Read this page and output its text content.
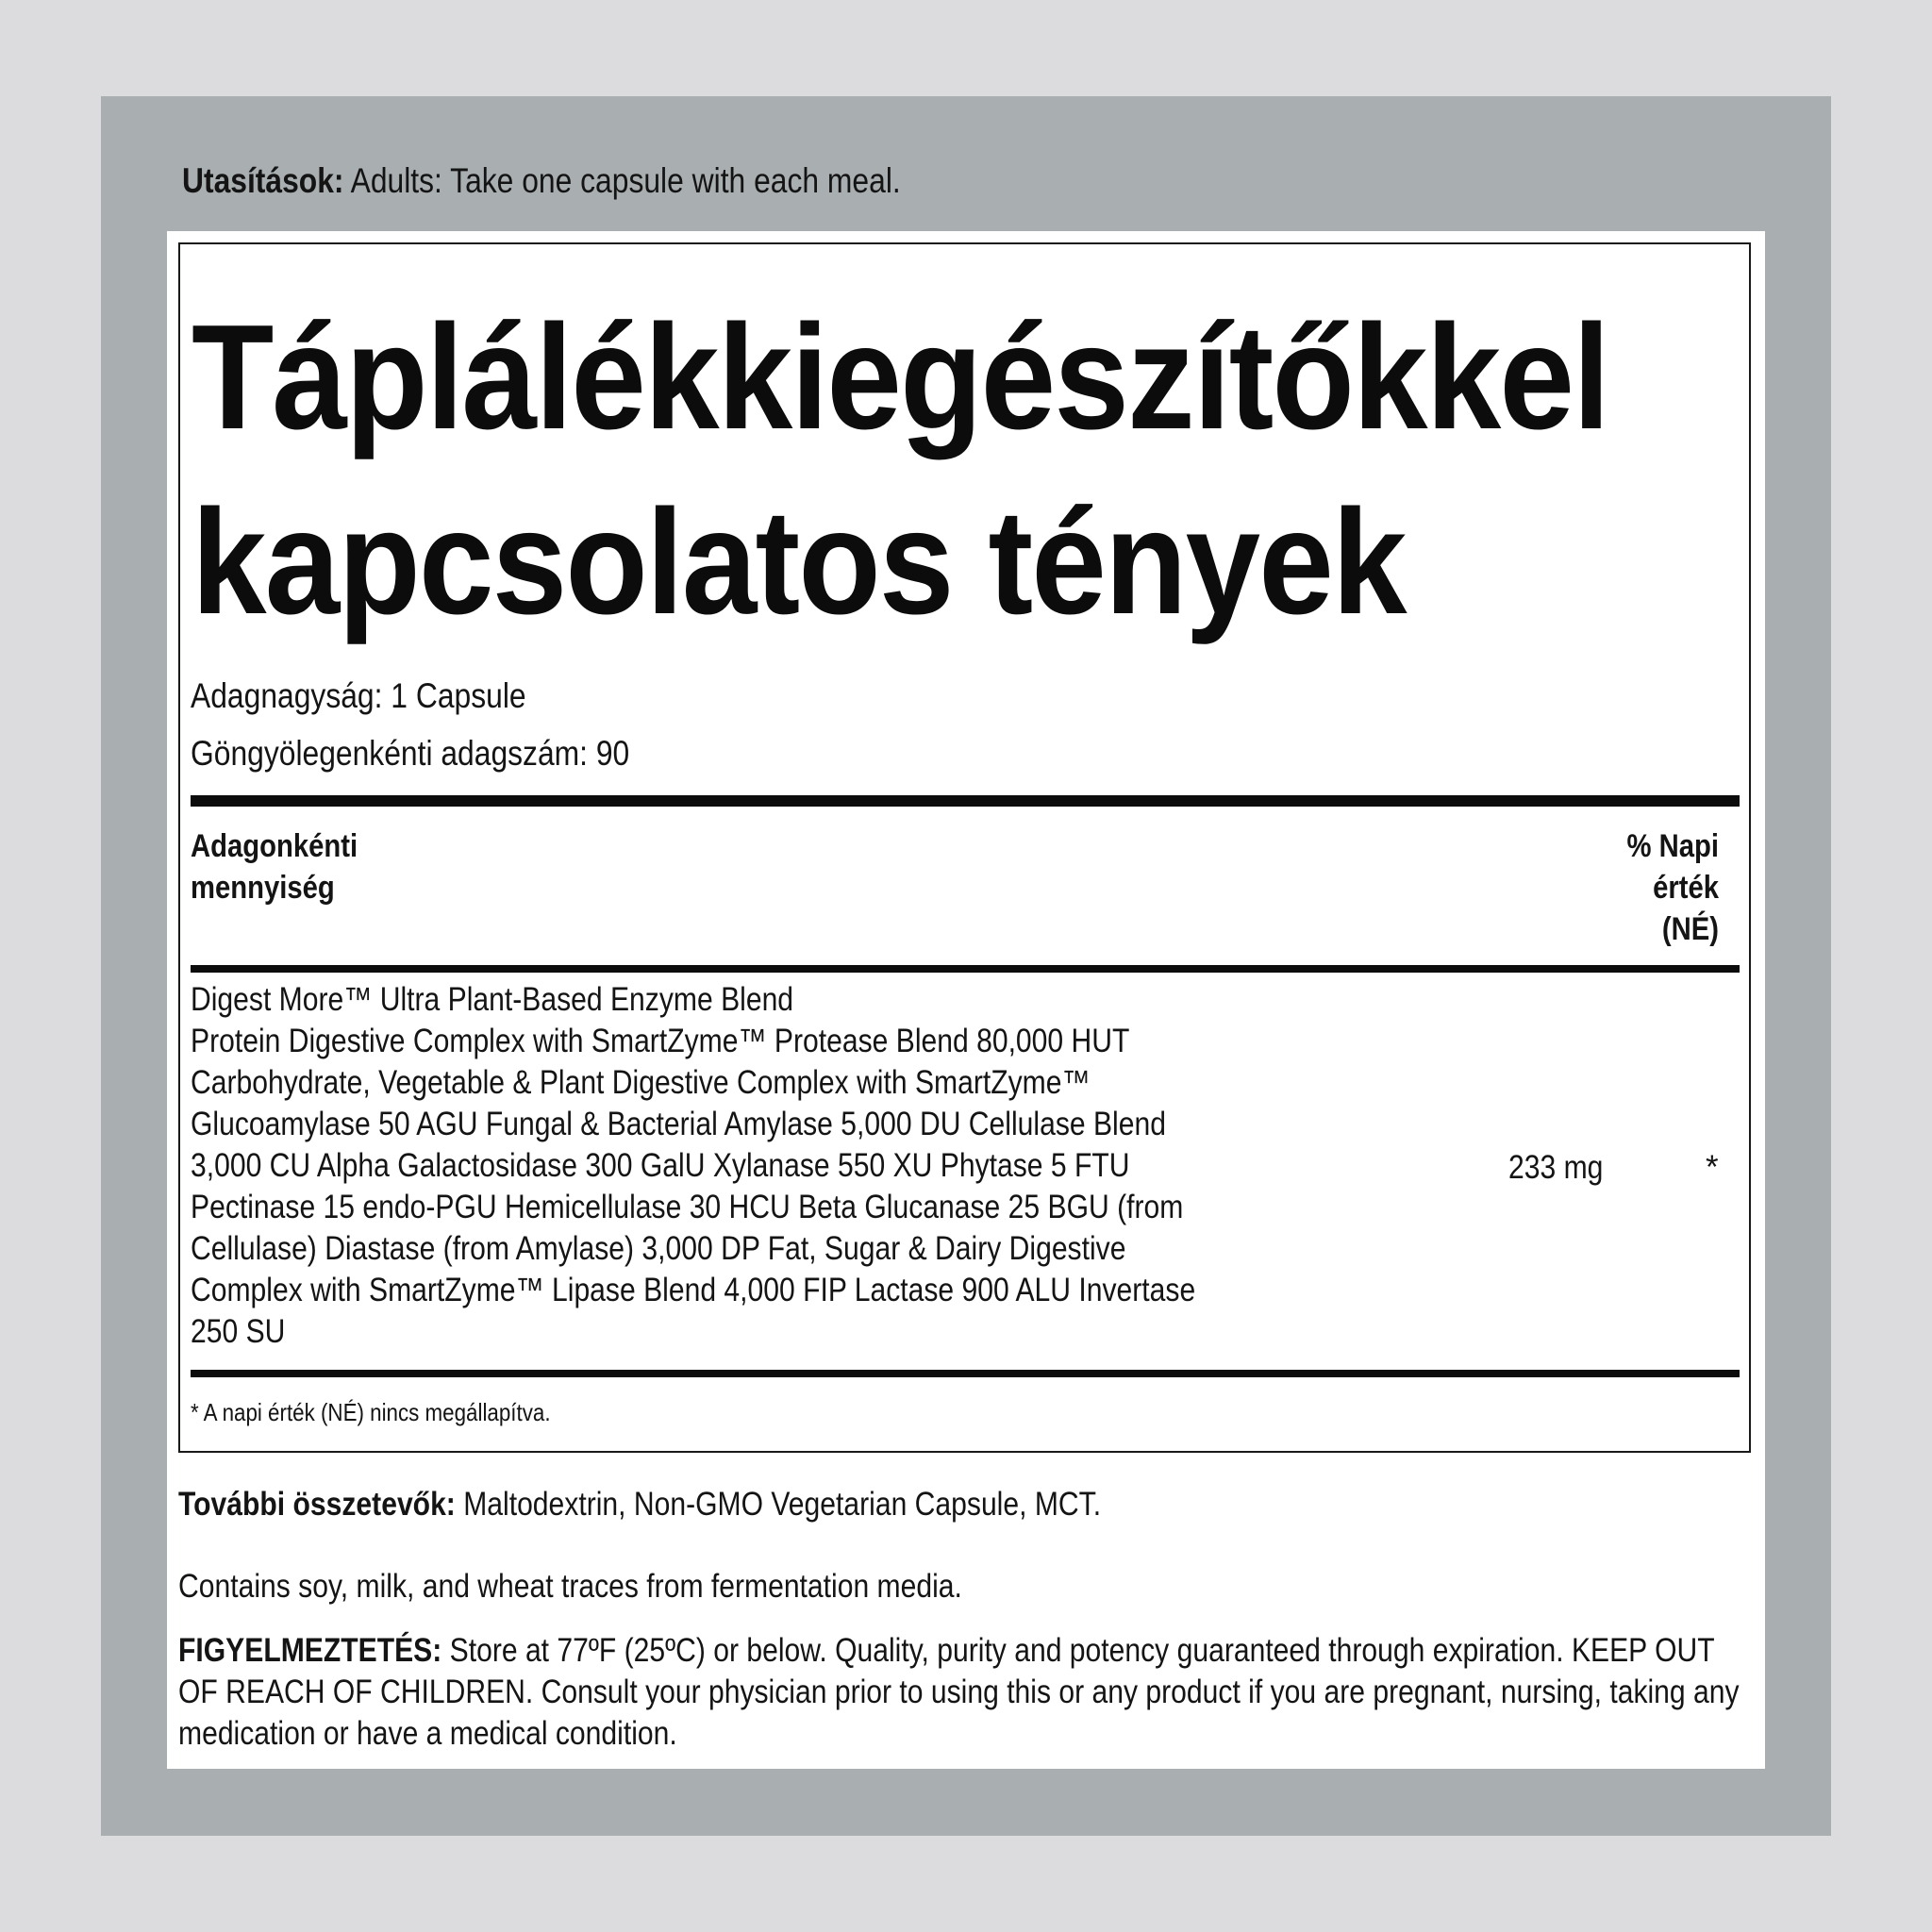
Utasítások: Adults: Take one capsule with each meal.
Táplálékkiegészítőkkel
kapcsolatos tények
Adagnagyság: 1 Capsule
Göngyölegenkénti adagszám: 90
Adagonkénti
mennyiség
% Napi
érték
(NÉ)
Digest More™ Ultra Plant-Based Enzyme Blend
Protein Digestive Complex with SmartZyme™ Protease Blend 80,000 HUT
Carbohydrate, Vegetable & Plant Digestive Complex with SmartZyme™
Glucoamylase 50 AGU Fungal & Bacterial Amylase 5,000 DU Cellulase Blend
3,000 CU Alpha Galactosidase 300 GalU Xylanase 550 XU Phytase 5 FTU
Pectinase 15 endo-PGU Hemicellulase 30 HCU Beta Glucanase 25 BGU (from
Cellulase) Diastase (from Amylase) 3,000 DP Fat, Sugar & Dairy Digestive
Complex with SmartZyme™ Lipase Blend 4,000 FIP Lactase 900 ALU Invertase
250 SU
233 mg	*
* A napi érték (NÉ) nincs megállapítva.
További összetevők: Maltodextrin, Non-GMO Vegetarian Capsule, MCT.
Contains soy, milk, and wheat traces from fermentation media.
FIGYELMEZTETÉS: Store at 77ºF (25ºC) or below. Quality, purity and potency guaranteed through expiration. KEEP OUT
OF REACH OF CHILDREN. Consult your physician prior to using this or any product if you are pregnant, nursing, taking any
medication or have a medical condition.
